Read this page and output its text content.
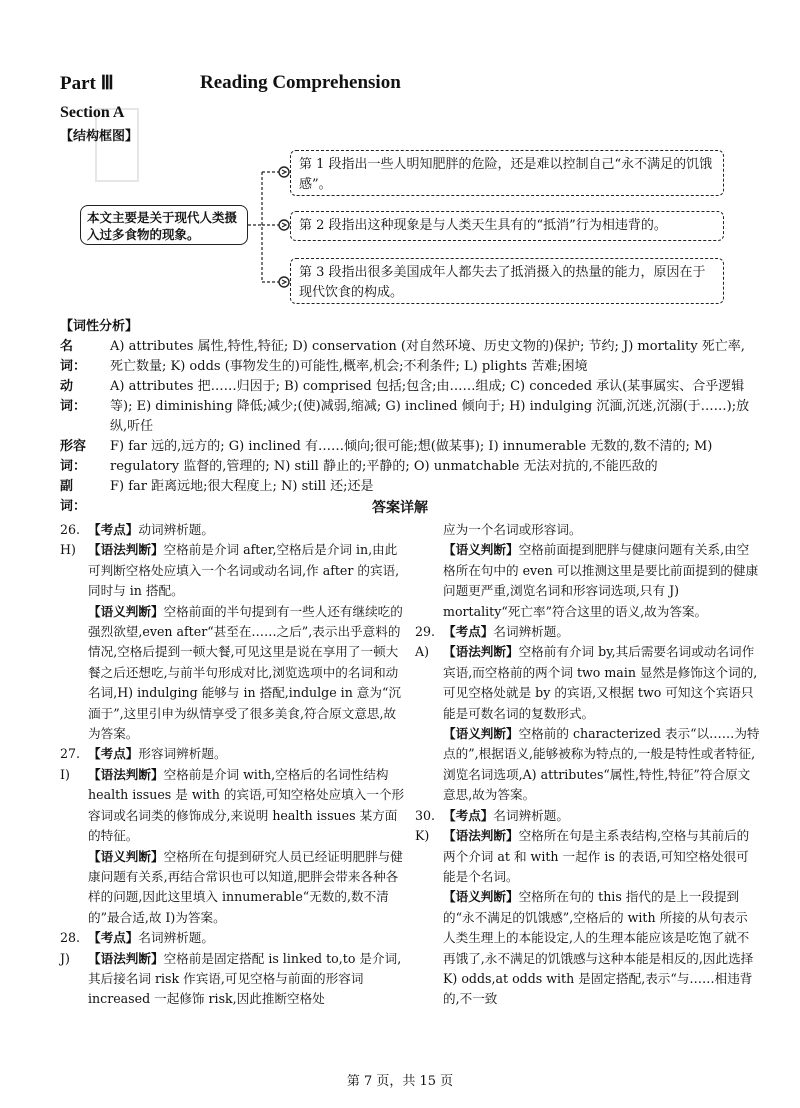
Part Ⅲ	Reading Comprehension
Section A
【结构框图】
本文主要是关于现代人类摄入过多食物的现象。
第 1 段指出一些人明知肥胖的危险，还是难以控制自己“永不满足的饥饿感”。
第 2 段指出这种现象是与人类天生具有的“抵消”行为相违背的。
第 3 段指出很多美国成年人都失去了抵消摄入的热量的能力，原因在于现代饮食的构成。
【词性分析】
名　词：
A) attributes 属性,特性,特征; D) conservation (对自然环境、历史文物的)保护; 节约; J) mortality 死亡率,死亡数量; K) odds (事物发生的)可能性,概率,机会;不利条件; L) plights 苦难;困境
动　词：
A) attributes 把……归因于; B) comprised 包括;包含;由……组成; C) conceded 承认(某事属实、合乎逻辑等); E) diminishing 降低;减少;(使)减弱,缩减; G) inclined 倾向于; H) indulging 沉湎,沉迷,沉溺(于……);放纵,听任
形容词：
F) far 远的,远方的; G) inclined 有……倾向;很可能;想(做某事); I) innumerable 无数的,数不清的; M) regulatory 监督的,管理的; N) still 静止的;平静的; O) unmatchable 无法对抗的,不能匹敌的
副　词：
F) far 距离远地;很大程度上; N) still 还;还是
答案详解

26. 【考点】动词辨析题。

H) 【语法判断】空格前是介词 after,空格后是介词 in,由此可判断空格处应填入一个名词或动名词,作 after 的宾语,同时与 in 搭配。

【语义判断】空格前面的半句提到有一些人还有继续吃的强烈欲望,even after“甚至在……之后”,表示出乎意料的情况,空格后提到一顿大餐,可见这里是说在享用了一顿大餐之后还想吃,与前半句形成对比,浏览选项中的名词和动名词,H) indulging 能够与 in 搭配,indulge in 意为“沉湎于”,这里引申为纵情享受了很多美食,符合原文意思,故为答案。

27. 【考点】形容词辨析题。

I) 【语法判断】空格前是介词 with,空格后的名词性结构 health issues 是 with 的宾语,可知空格处应填入一个形容词或名词类的修饰成分,来说明 health issues 某方面的特征。

【语义判断】空格所在句提到研究人员已经证明肥胖与健康问题有关系,再结合常识也可以知道,肥胖会带来各种各样的问题,因此这里填入 innumerable“无数的,数不清的”最合适,故 I)为答案。

28. 【考点】名词辨析题。

J) 【语法判断】空格前是固定搭配 is linked to,to 是介词,其后接名词 risk 作宾语,可见空格与前面的形容词 increased 一起修饰 risk,因此推断空格处

应为一个名词或形容词。

【语义判断】空格前面提到肥胖与健康问题有关系,由空格所在句中的 even 可以推测这里是要比前面提到的健康问题更严重,浏览名词和形容词选项,只有 J) mortality“死亡率”符合这里的语义,故为答案。

29. 【考点】名词辨析题。

A) 【语法判断】空格前有介词 by,其后需要名词或动名词作宾语,而空格前的两个词 two main 显然是修饰这个词的,可见空格处就是 by 的宾语,又根据 two 可知这个宾语只能是可数名词的复数形式。

【语义判断】空格前的 characterized 表示“以……为特点的”,根据语义,能够被称为特点的,一般是特性或者特征,浏览名词选项,A) attributes“属性,特性,特征”符合原文意思,故为答案。

30. 【考点】名词辨析题。

K) 【语法判断】空格所在句是主系表结构,空格与其前后的两个介词 at 和 with 一起作 is 的表语,可知空格处很可能是个名词。

【语义判断】空格所在句的 this 指代的是上一段提到的“永不满足的饥饿感”,空格后的 with 所接的从句表示人类生理上的本能设定,人的生理本能应该是吃饱了就不再饿了,永不满足的饥饿感与这种本能是相反的,因此选择 K) odds,at odds with 是固定搭配,表示“与……相违背的,不一致

第 7 页，共 15 页
